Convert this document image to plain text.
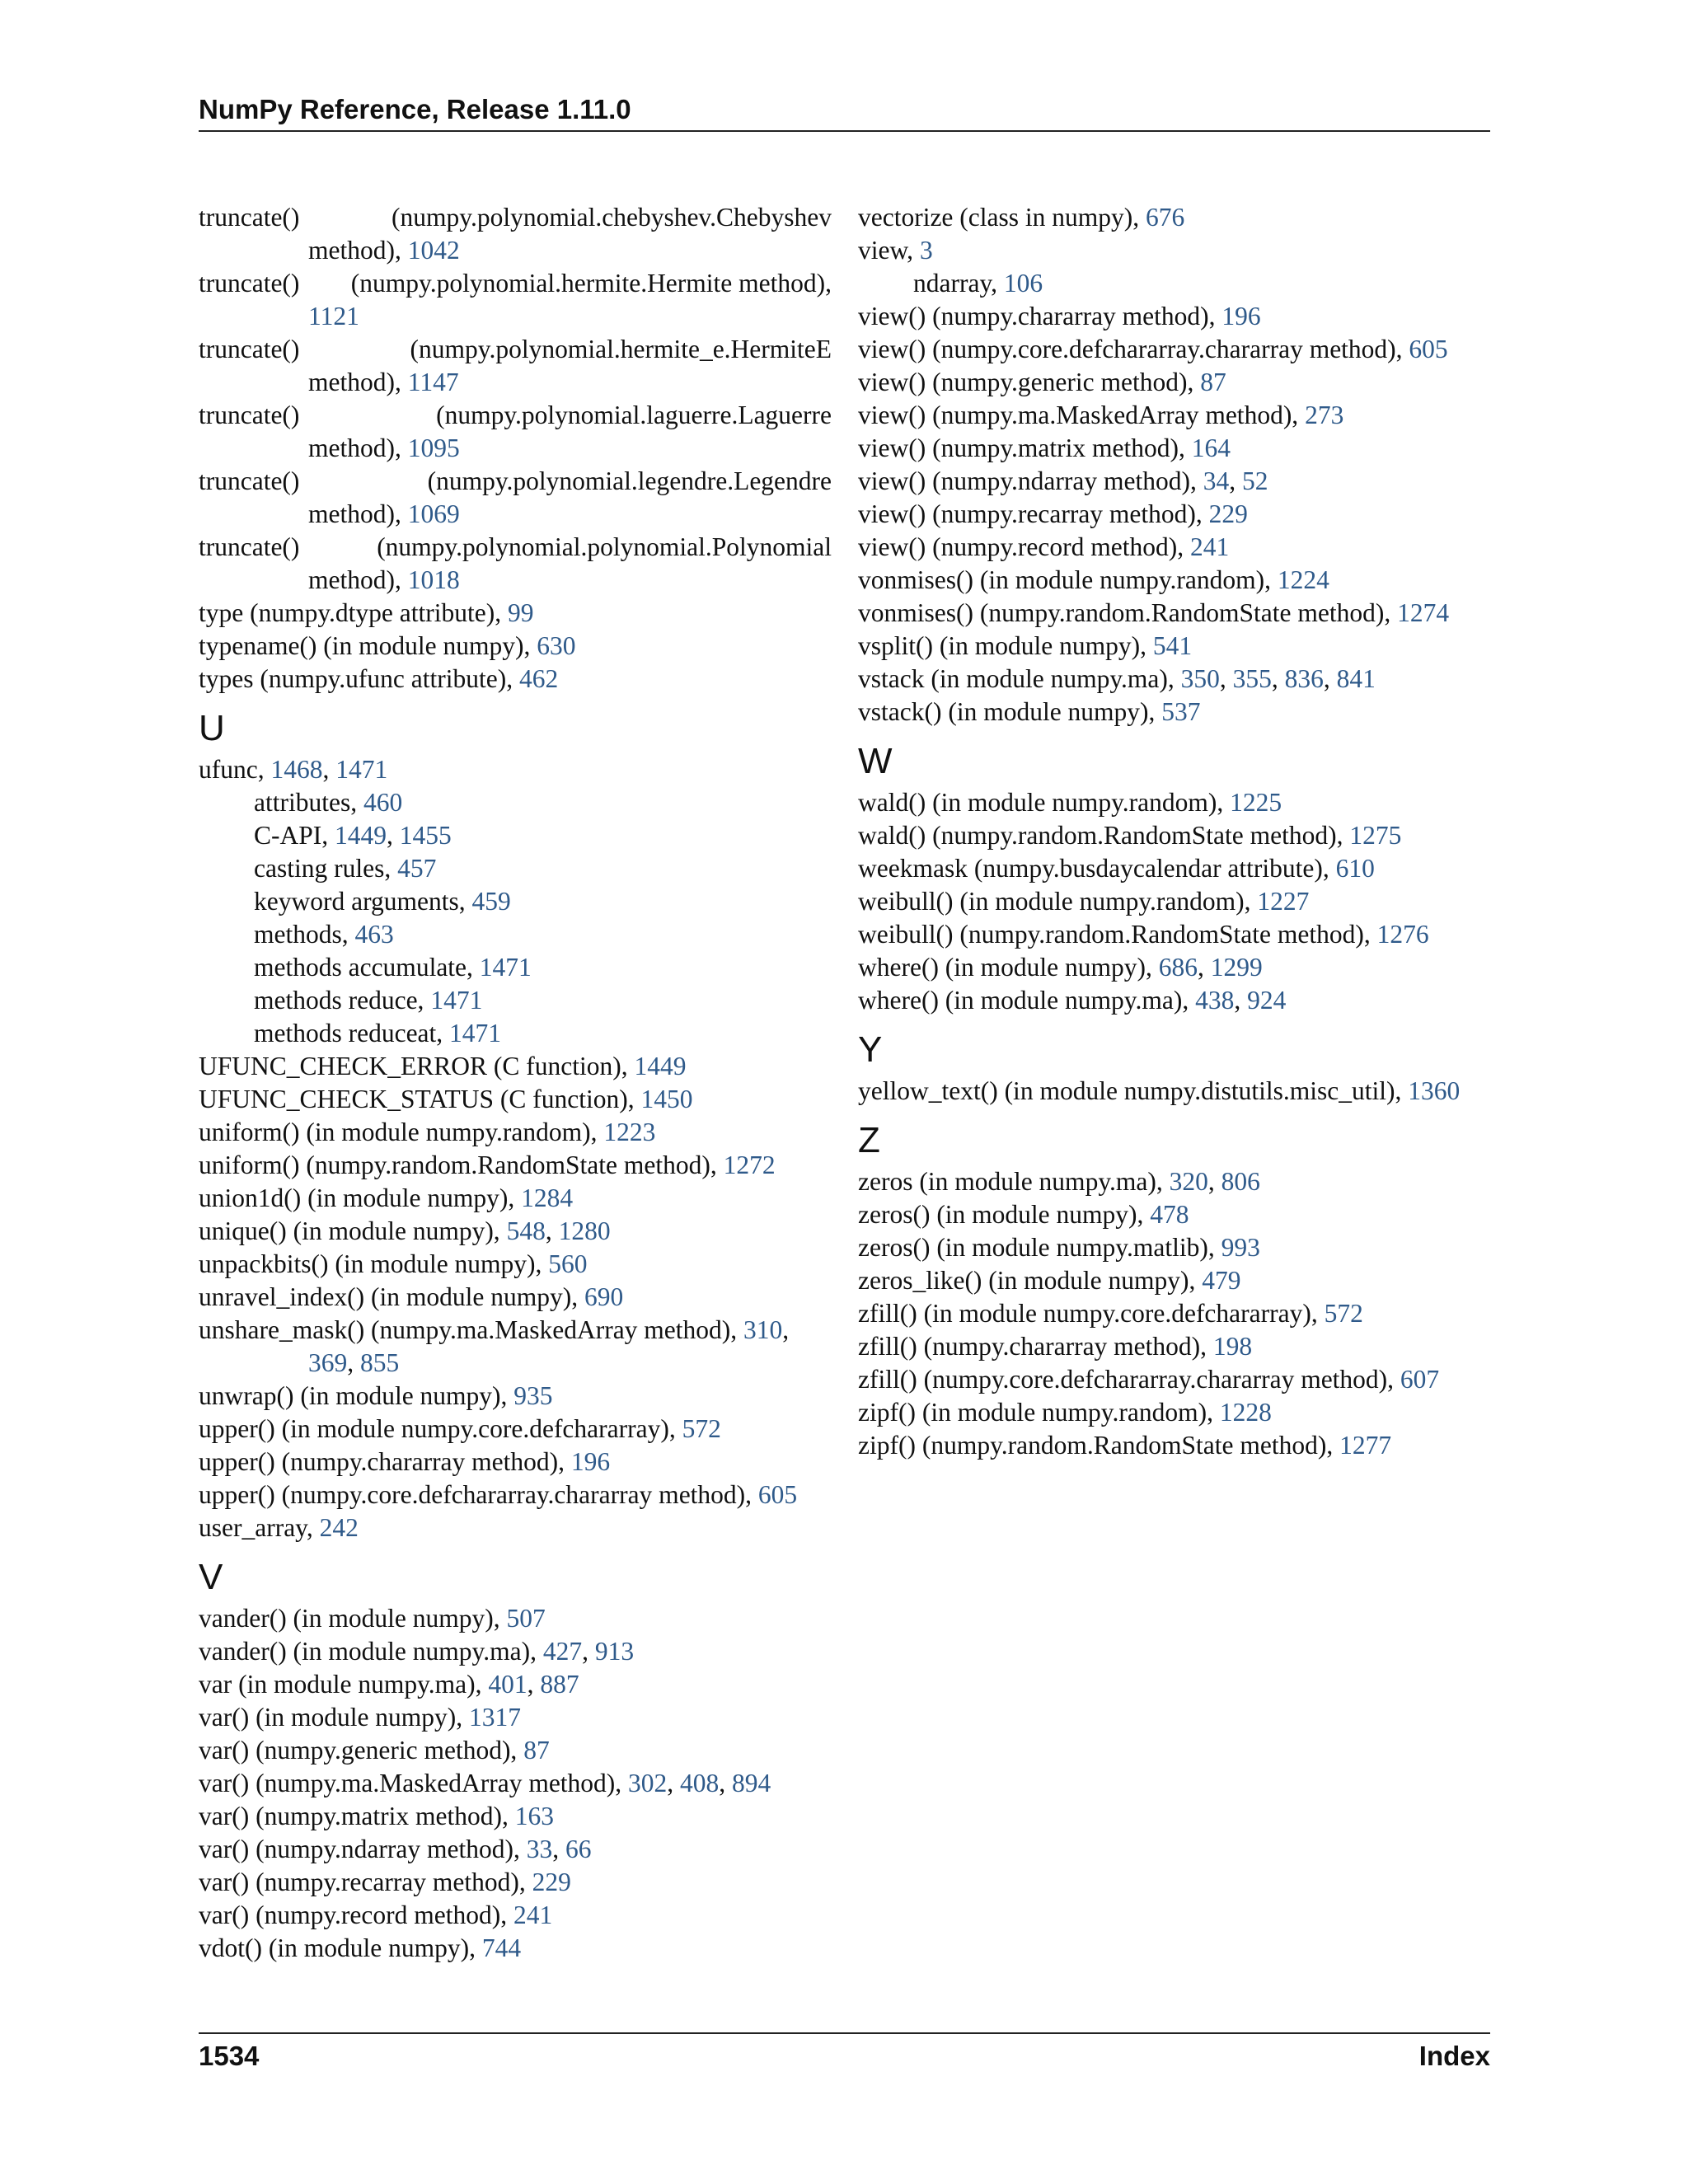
NumPy Reference, Release 1.11.0
truncate()	(numpy.polynomial.chebyshev.Chebyshev
method), 1042
truncate() (numpy.polynomial.hermite.Hermite method),
1121
truncate()	(numpy.polynomial.hermite_e.HermiteE
method), 1147
truncate()	(numpy.polynomial.laguerre.Laguerre
method), 1095
truncate()	(numpy.polynomial.legendre.Legendre
method), 1069
truncate()	(numpy.polynomial.polynomial.Polynomial
method), 1018
type (numpy.dtype attribute), 99
typename() (in module numpy), 630
types (numpy.ufunc attribute), 462
U
ufunc, 1468, 1471
attributes, 460
C-API, 1449, 1455
casting rules, 457
keyword arguments, 459
methods, 463
methods accumulate, 1471
methods reduce, 1471
methods reduceat, 1471
UFUNC_CHECK_ERROR (C function), 1449
UFUNC_CHECK_STATUS (C function), 1450
uniform() (in module numpy.random), 1223
uniform() (numpy.random.RandomState method), 1272
union1d() (in module numpy), 1284
unique() (in module numpy), 548, 1280
unpackbits() (in module numpy), 560
unravel_index() (in module numpy), 690
unshare_mask() (numpy.ma.MaskedArray method), 310,
369, 855
unwrap() (in module numpy), 935
upper() (in module numpy.core.defchararray), 572
upper() (numpy.chararray method), 196
upper() (numpy.core.defchararray.chararray method), 605
user_array, 242
V
vander() (in module numpy), 507
vander() (in module numpy.ma), 427, 913
var (in module numpy.ma), 401, 887
var() (in module numpy), 1317
var() (numpy.generic method), 87
var() (numpy.ma.MaskedArray method), 302, 408, 894
var() (numpy.matrix method), 163
var() (numpy.ndarray method), 33, 66
var() (numpy.recarray method), 229
var() (numpy.record method), 241
vdot() (in module numpy), 744
vectorize (class in numpy), 676
view, 3
ndarray, 106
view() (numpy.chararray method), 196
view() (numpy.core.defchararray.chararray method), 605
view() (numpy.generic method), 87
view() (numpy.ma.MaskedArray method), 273
view() (numpy.matrix method), 164
view() (numpy.ndarray method), 34, 52
view() (numpy.recarray method), 229
view() (numpy.record method), 241
vonmises() (in module numpy.random), 1224
vonmises() (numpy.random.RandomState method), 1274
vsplit() (in module numpy), 541
vstack (in module numpy.ma), 350, 355, 836, 841
vstack() (in module numpy), 537
W
wald() (in module numpy.random), 1225
wald() (numpy.random.RandomState method), 1275
weekmask (numpy.busdaycalendar attribute), 610
weibull() (in module numpy.random), 1227
weibull() (numpy.random.RandomState method), 1276
where() (in module numpy), 686, 1299
where() (in module numpy.ma), 438, 924
Y
yellow_text() (in module numpy.distutils.misc_util), 1360
Z
zeros (in module numpy.ma), 320, 806
zeros() (in module numpy), 478
zeros() (in module numpy.matlib), 993
zeros_like() (in module numpy), 479
zfill() (in module numpy.core.defchararray), 572
zfill() (numpy.chararray method), 198
zfill() (numpy.core.defchararray.chararray method), 607
zipf() (in module numpy.random), 1228
zipf() (numpy.random.RandomState method), 1277
1534	Index
